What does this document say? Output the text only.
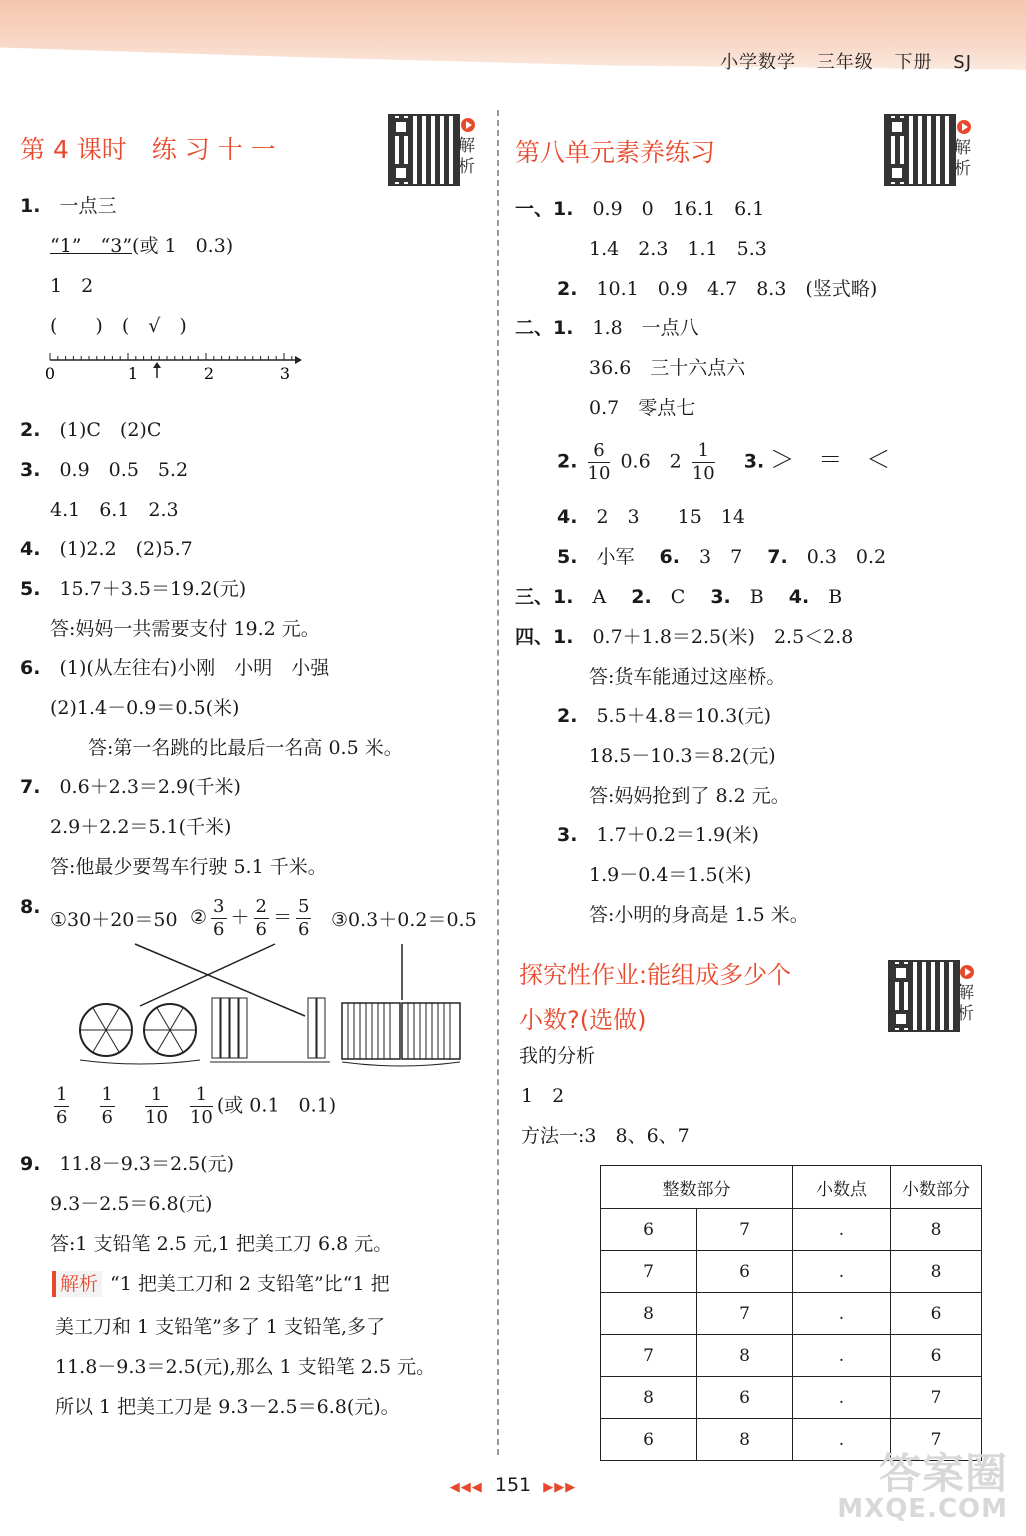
小学数学 三年级 下册 SJ
第 4 课时　练 习 十 一	解析
1.　 一点三
“1”　“3”(或 1　0.3)
1　2
(　　)　(　√　)
0	1	2	3
2.　 (1)C　(2)C
3.　 0.9　0.5　5.2
4.1　6.1　2.3
4.　 (1)2.2　(2)5.7
5.　 15.7＋3.5＝19.2(元)
答:妈妈一共需要支付 19.2 元。
6.　 (1)(从左往右)小刚　小明　小强
(2)1.4－0.9＝0.5(米)
答:第一名跳的比最后一名高 0.5 米。
7.　 0.6＋2.3＝2.9(千米)
2.9＋2.2＝5.1(千米)
答:他最少要驾车行驶 5.1 千米。
8.
①30＋20＝50 ② $\frac{3}{6} + \frac{2}{6} = \frac{5}{6}$ ③0.3＋0.2＝0.5
$\frac{1}{6}$
$\frac{1}{6}$
$\frac{1}{10}$
$\frac{1}{10}$ (或 0.1　0.1)
9.　 11.8－9.3＝2.5(元)
9.3－2.5＝6.8(元)
答:1 支铅笔 2.5 元,1 把美工刀 6.8 元。
解析 “1 把美工刀和 2 支铅笔”比“1 把
美工刀和 1 支铅笔”多了 1 支铅笔,多了
11.8－9.3＝2.5(元),那么 1 支铅笔 2.5 元。
所以 1 把美工刀是 9.3－2.5＝6.8(元)。
第八单元素养练习	解析
一、1.　 0.9　0　16.1　6.1
1.4　2.3　1.1　5.3
2.　 10.1　0.9　4.7　8.3　(竖式略)
二、1.　 1.8　一点八
36.6　三十六点六
0.7　零点七
2. $\frac{6}{10} 0.6$　$2 \frac{1}{10}$
　 3. ＞　＝　＜
4.　 2　3　　15　14
5.　 小军 　 6.　 3　7 　 7.　 0.3　0.2
三、1.　 A 　 2.　 C 　 3.　 B 　 4.　 B
四、1.　 0.7＋1.8＝2.5(米)　2.5＜2.8
答:货车能通过这座桥。
2.　 5.5＋4.8＝10.3(元)
18.5－10.3＝8.2(元)
答:妈妈抢到了 8.2 元。
3.　 1.7＋0.2＝1.9(米)
1.9－0.4＝1.5(米)
答:小明的身高是 1.5 米。
探究性作业:能组成多少个
小数?(选做)
解析
我的分析
1　2
方法一:3　8、6、7
整数部分		小数点	小数部分
6	7	.	8
7	6	.	8
8	7	.	6
7	8	.	6
8	6	.	7
6	8	.	7
◀◀◀ 151 ▶▶▶	答案圈
MXQE.COM
